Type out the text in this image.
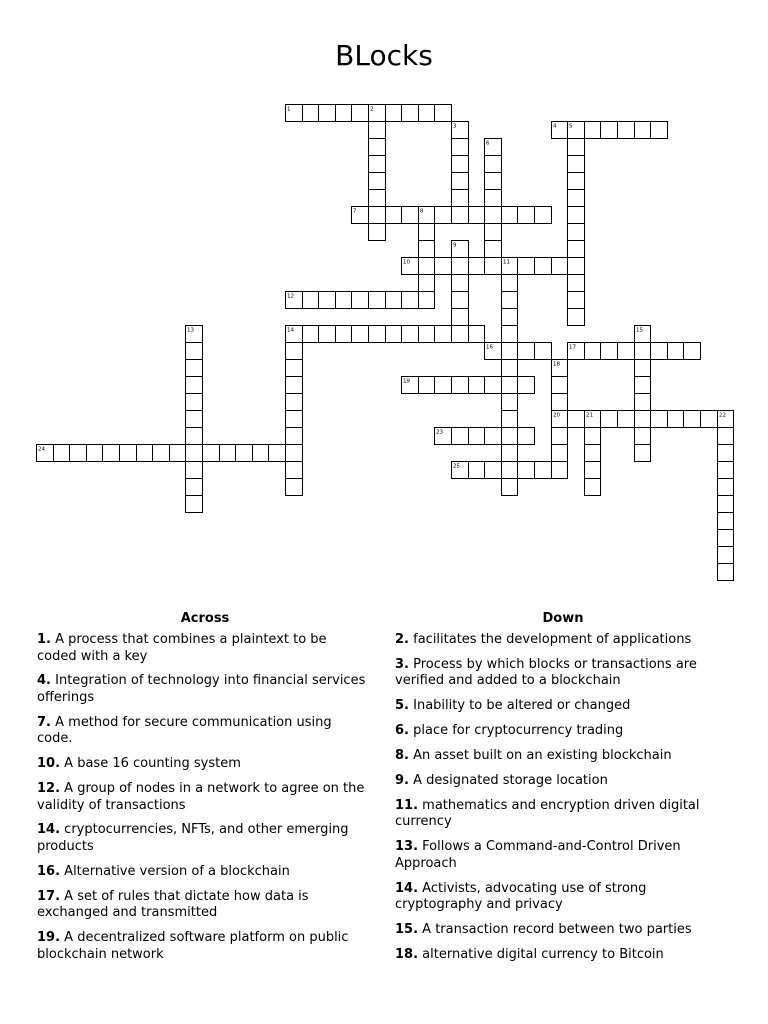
BLocks
1	2
3	4 5
6
7	8
9
10	11
12
13	14	15
16	17
18
19
20	21	22
23
24
25
Across	Down
1. A process that combines a plaintext to be coded with a key
4. Integration of technology into financial services offerings
7. A method for secure communication using code.
10. A base 16 counting system
12. A group of nodes in a network to agree on the validity of transactions
14. cryptocurrencies, NFTs, and other emerging products
16. Alternative version of a blockchain
17. A set of rules that dictate how data is exchanged and transmitted
19. A decentralized software platform on public blockchain network
2. facilitates the development of applications
3. Process by which blocks or transactions are verified and added to a blockchain
5. Inability to be altered or changed
6. place for cryptocurrency trading
8. An asset built on an existing blockchain
9. A designated storage location
11. mathematics and encryption driven digital currency
13. Follows a Command-and-Control Driven Approach
14. Activists, advocating use of strong cryptography and privacy
15. A transaction record between two parties
18. alternative digital currency to Bitcoin
